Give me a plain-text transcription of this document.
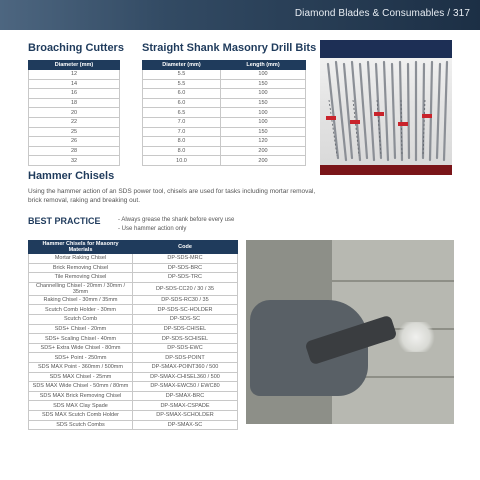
Diamond Blades & Consumables / 317
Broaching Cutters
Diameter (mm)
12
14
16
18
20
22
25
26
28
32
Straight Shank Masonry Drill Bits
Diameter (mm)	Length (mm)
5.5	100
5.5	150
6.0	100
6.0	150
6.5	100
7.0	100
7.0	150
8.0	120
8.0	200
10.0	200
Hammer Chisels
Using the hammer action of an SDS power tool, chisels are used for tasks including mortar removal, brick removal, raking and breaking out.
BEST PRACTICE	- Always grease the shank before every use
- Use hammer action only
Hammer Chisels for Masonry Materials	Code
Mortar Raking Chisel	DP-SDS-MRC
Brick Removing Chisel	DP-SDS-BRC
Tile Removing Chisel	DP-SDS-TRC
Channelling Chisel - 20mm / 30mm / 35mm	DP-SDS-CC20 / 30 / 35
Raking Chisel - 30mm / 35mm	DP-SDS-RC30 / 35
Scutch Comb Holder - 30mm	DP-SDS-SC-HOLDER
Scutch Comb	DP-SDS-SC
SDS+ Chisel - 20mm	DP-SDS-CHISEL
SDS+ Scaling Chisel - 40mm	DP-SDS-SCHISEL
SDS+ Extra Wide Chisel - 80mm	DP-SDS-EWC
SDS+ Point - 250mm	DP-SDS-POINT
SDS MAX Point - 360mm / 500mm	DP-SMAX-POINT360 / 500
SDS MAX Chisel - 25mm	DP-SMAX-CHISEL360 / 500
SDS MAX Wide Chisel - 50mm / 80mm	DP-SMAX-EWC50 / EWC80
SDS MAX Brick Removing Chisel	DP-SMAX-BRC
SDS MAX Clay Spade	DP-SMAX-CSPADE
SDS MAX Scutch Comb Holder	DP-SMAX-SCHOLDER
SDS Scutch Combs	DP-SMAX-SC
